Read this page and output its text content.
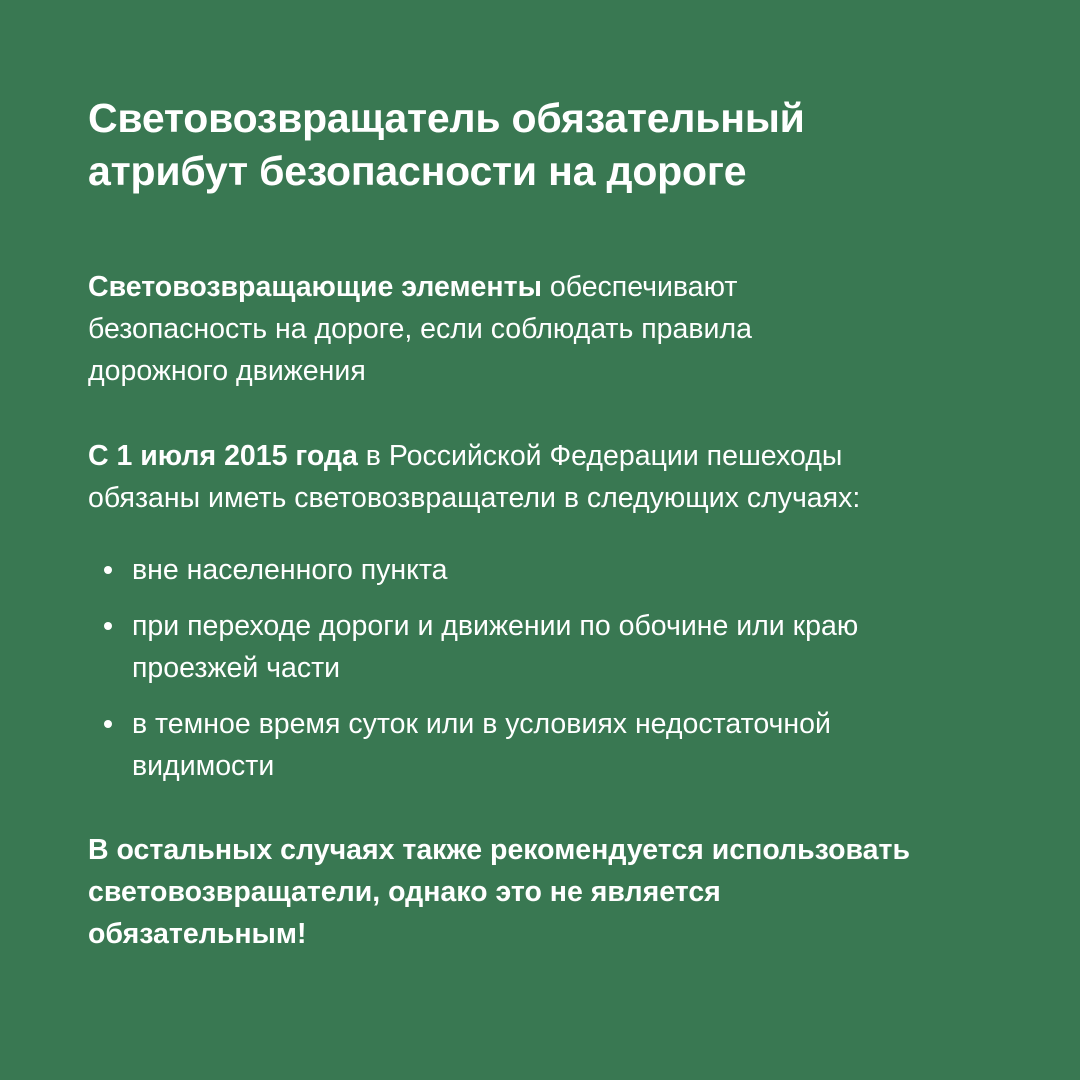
Световозвращатель обязательный
атрибут безопасности на дороге

Световозвращающие элементы обеспечивают
безопасность на дороге, если соблюдать правила
дорожного движения

С 1 июля 2015 года в Российской Федерации пешеходы
обязаны иметь световозвращатели в следующих случаях:

вне населенного пункта
при переходе дороги и движении по обочине или краю
проезжей части
в темное время суток или в условиях недостаточной
видимости

В остальных случаях также рекомендуется использовать
световозвращатели, однако это не является
обязательным!
